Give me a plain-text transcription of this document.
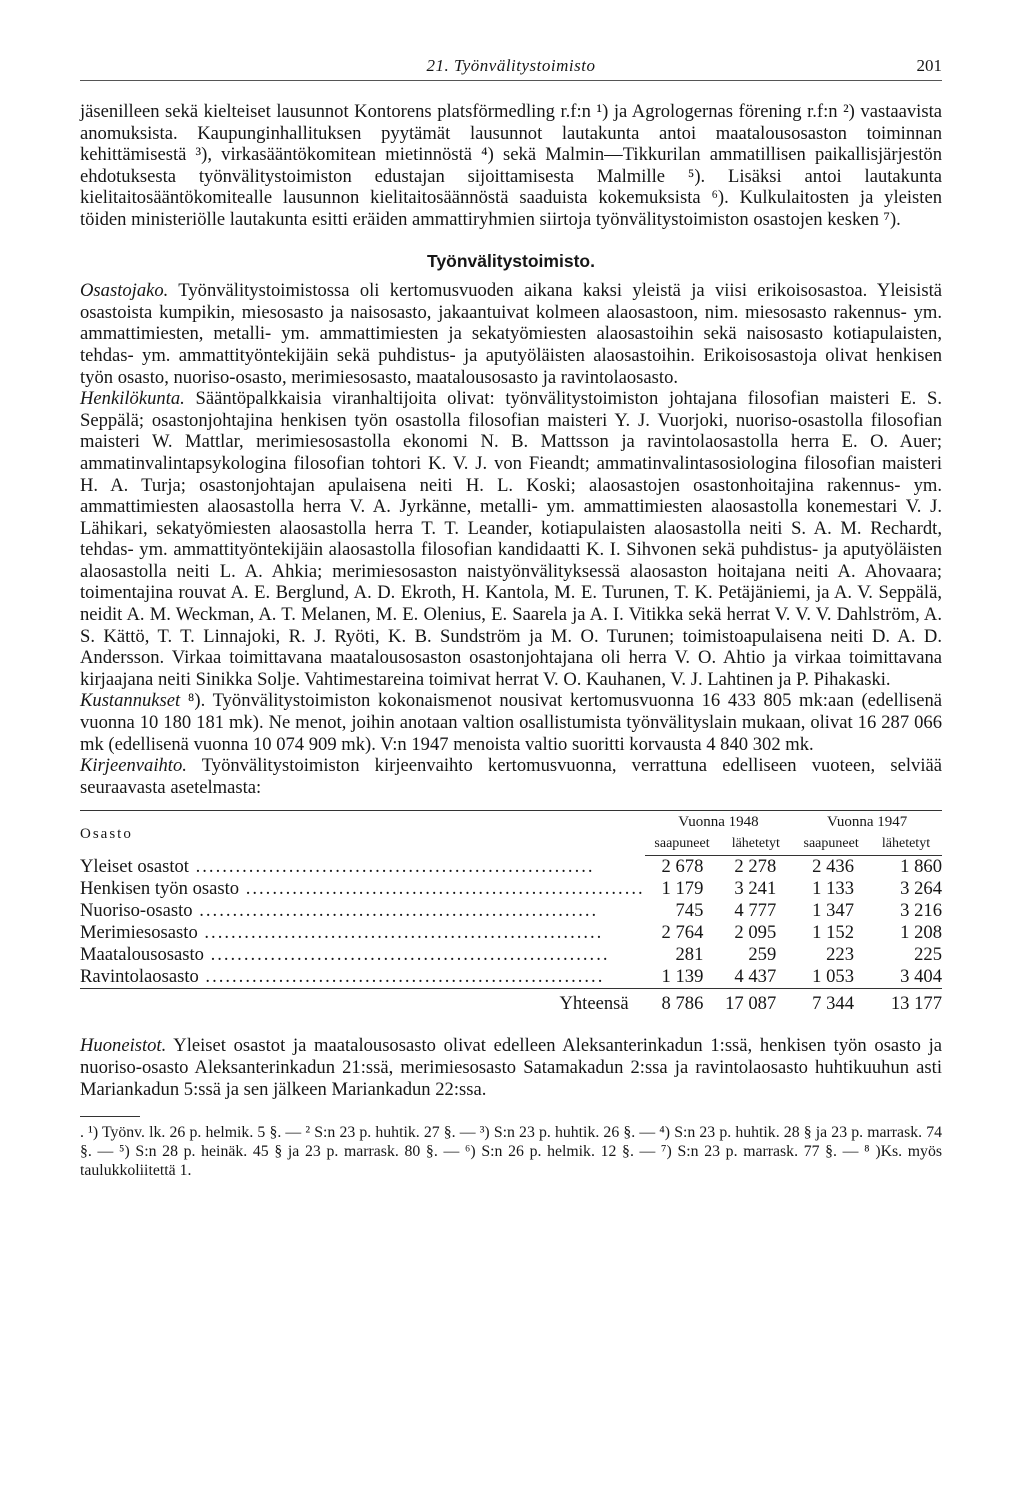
21. Työnvälitystoimisto	201

jäsenilleen sekä kielteiset lausunnot Kontorens platsförmedling r.f:n ¹) ja Agrologernas förening r.f:n ²) vastaavista anomuksista. Kaupunginhallituksen pyytämät lausunnot lautakunta antoi maatalousosaston toiminnan kehittämisestä ³), virkasääntökomitean mietinnöstä ⁴) sekä Malmin—Tikkurilan ammatillisen paikallisjärjestön ehdotuksesta työnvälitystoimiston edustajan sijoittamisesta Malmille ⁵). Lisäksi antoi lautakunta kielitaitosääntökomitealle lausunnon kielitaitosäännöstä saaduista kokemuksista ⁶). Kulkulaitosten ja yleisten töiden ministeriölle lautakunta esitti eräiden ammattiryhmien siirtoja työnvälitystoimiston osastojen kesken ⁷).

Työnvälitystoimisto.

Osastojako. Työnvälitystoimistossa oli kertomusvuoden aikana kaksi yleistä ja viisi erikoisosastoa. Yleisistä osastoista kumpikin, miesosasto ja naisosasto, jakaantuivat kolmeen alaosastoon, nim. miesosasto rakennus- ym. ammattimiesten, metalli- ym. ammattimiesten ja sekatyömiesten alaosastoihin sekä naisosasto kotiapulaisten, tehdas- ym. ammattityöntekijäin sekä puhdistus- ja aputyöläisten alaosastoihin. Erikoisosastoja olivat henkisen työn osasto, nuoriso-osasto, merimiesosasto, maatalousosasto ja ravintolaosasto.

Henkilökunta. Sääntöpalkkaisia viranhaltijoita olivat: työnvälitystoimiston johtajana filosofian maisteri E. S. Seppälä; osastonjohtajina henkisen työn osastolla filosofian maisteri Y. J. Vuorjoki, nuoriso-osastolla filosofian maisteri W. Mattlar, merimiesosastolla ekonomi N. B. Mattsson ja ravintolaosastolla herra E. O. Auer; ammatinvalintapsykologina filosofian tohtori K. V. J. von Fieandt; ammatinvalintasosiologina filosofian maisteri H. A. Turja; osastonjohtajan apulaisena neiti H. L. Koski; alaosastojen osastonhoitajina rakennus- ym. ammattimiesten alaosastolla herra V. A. Jyrkänne, metalli- ym. ammattimiesten alaosastolla konemestari V. J. Lähikari, sekatyömiesten alaosastolla herra T. T. Leander, kotiapulaisten alaosastolla neiti S. A. M. Rechardt, tehdas- ym. ammattityöntekijäin alaosastolla filosofian kandidaatti K. I. Sihvonen sekä puhdistus- ja aputyöläisten alaosastolla neiti L. A. Ahkia; merimiesosaston naistyönvälityksessä alaosaston hoitajana neiti A. Ahovaara; toimentajina rouvat A. E. Berglund, A. D. Ekroth, H. Kantola, M. E. Turunen, T. K. Petäjäniemi, ja A. V. Seppälä, neidit A. M. Weckman, A. T. Melanen, M. E. Olenius, E. Saarela ja A. I. Vitikka sekä herrat V. V. V. Dahlström, A. S. Kättö, T. T. Linnajoki, R. J. Ryöti, K. B. Sundström ja M. O. Turunen; toimistoapulaisena neiti D. A. D. Andersson. Virkaa toimittavana maatalousosaston osastonjohtajana oli herra V. O. Ahtio ja virkaa toimittavana kirjaajana neiti Sinikka Solje. Vahtimestareina toimivat herrat V. O. Kauhanen, V. J. Lahtinen ja P. Pihakaski.

Kustannukset ⁸). Työnvälitystoimiston kokonaismenot nousivat kertomusvuonna 16 433 805 mk:aan (edellisenä vuonna 10 180 181 mk). Ne menot, joihin anotaan valtion osallistumista työnvälityslain mukaan, olivat 16 287 066 mk (edellisenä vuonna 10 074 909 mk). V:n 1947 menoista valtio suoritti korvausta 4 840 302 mk.

Kirjeenvaihto. Työnvälitystoimiston kirjeenvaihto kertomusvuonna, verrattuna edelliseen vuoteen, selviää seuraavasta asetelmasta:

Osasto	Vuonna 1948		Vuonna 1947	
	saapuneet	lähetetyt	saapuneet	lähetetyt
Yleiset osastot ............................................................	2 678	2 278	2 436	1 860
Henkisen työn osasto ............................................................	1 179	3 241	1 133	3 264
Nuoriso-osasto ............................................................	745	4 777	1 347	3 216
Merimiesosasto ............................................................	2 764	2 095	1 152	1 208
Maatalousosasto ............................................................	281	259	223	225
Ravintolaosasto ............................................................	1 139	4 437	1 053	3 404
Yhteensä	8 786	17 087	7 344	13 177

Huoneistot. Yleiset osastot ja maatalousosasto olivat edelleen Aleksanterinkadun 1:ssä, henkisen työn osasto ja nuoriso-osasto Aleksanterinkadun 21:ssä, merimiesosasto Satamakadun 2:ssa ja ravintolaosasto huhtikuuhun asti Mariankadun 5:ssä ja sen jälkeen Mariankadun 22:ssa.

. ¹) Työnv. lk. 26 p. helmik. 5 §. — ² S:n 23 p. huhtik. 27 §. — ³) S:n 23 p. huhtik. 26 §. — ⁴) S:n 23 p. huhtik. 28 § ja 23 p. marrask. 74 §. — ⁵) S:n 28 p. heinäk. 45 § ja 23 p. marrask. 80 §. — ⁶) S:n 26 p. helmik. 12 §. — ⁷) S:n 23 p. marrask. 77 §. — ⁸ )Ks. myös taulukkoliitettä 1.
